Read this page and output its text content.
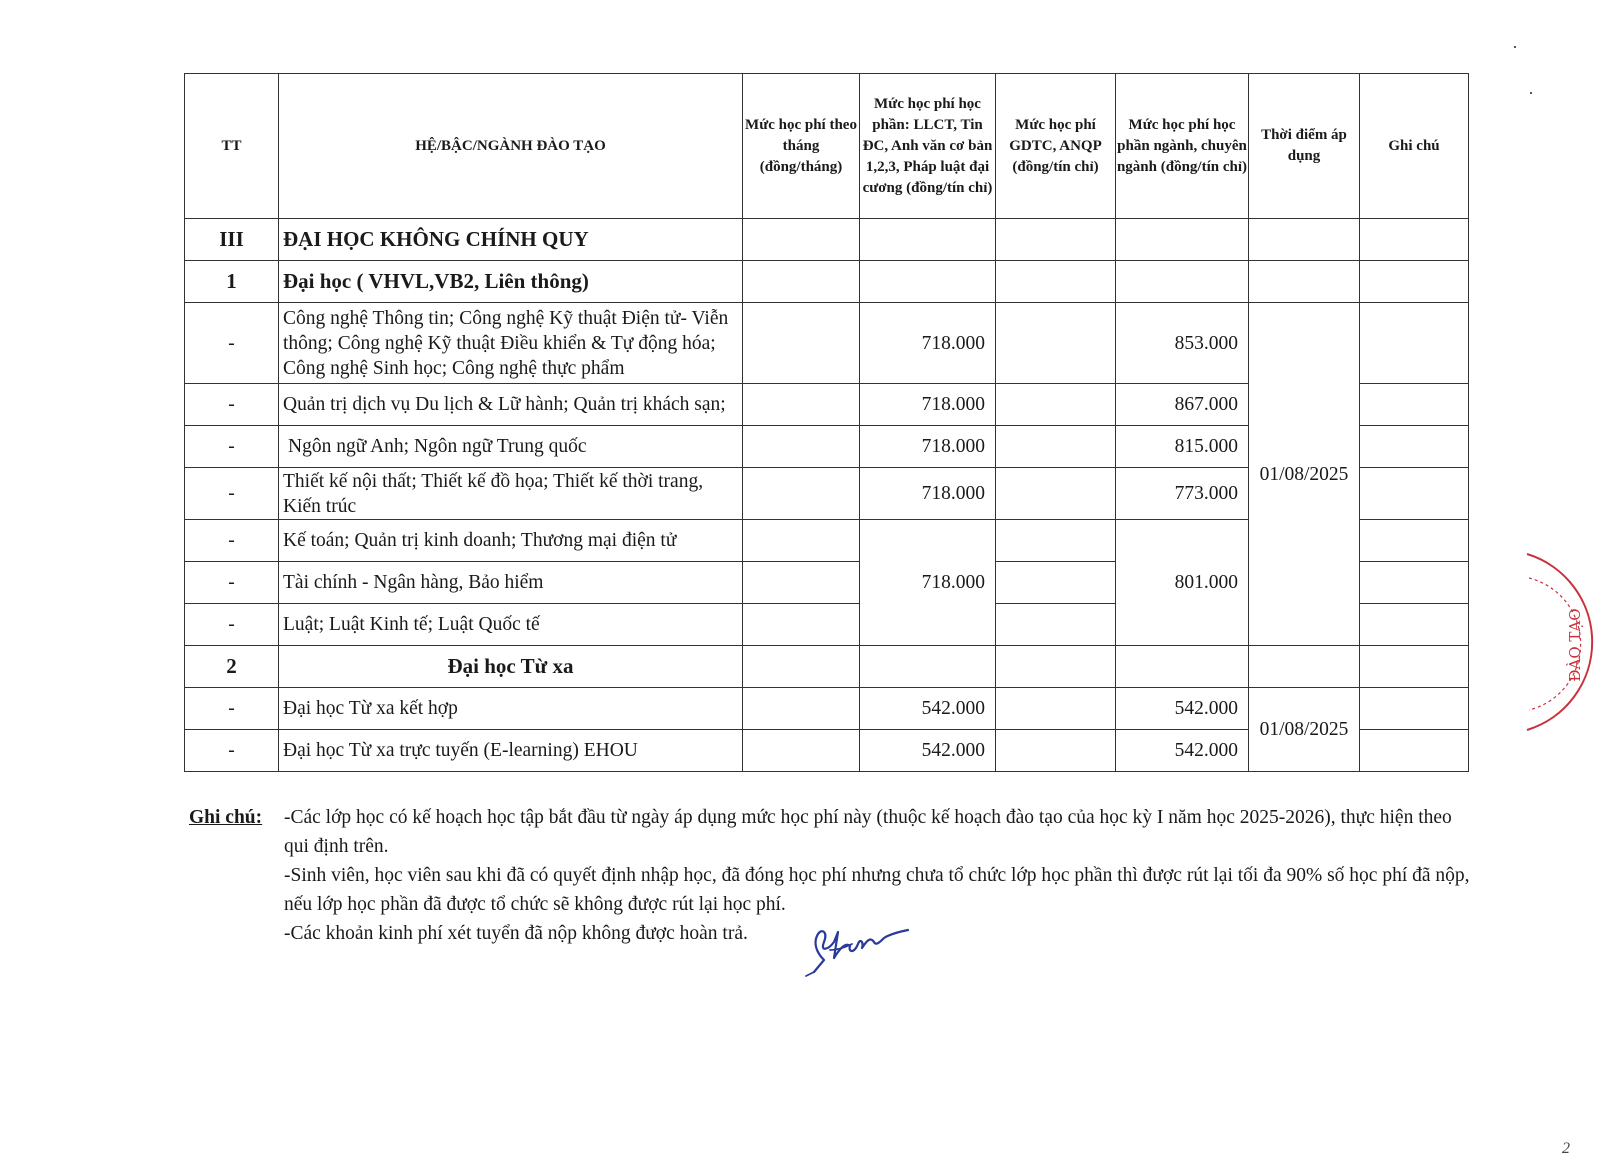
TT	HỆ/BẬC/NGÀNH ĐÀO TẠO	Mức học phí theo tháng (đồng/tháng)	Mức học phí học phần: LLCT, Tin ĐC, Anh văn cơ bản 1,2,3, Pháp luật đại cương (đồng/tín chỉ)	Mức học phí GDTC, ANQP (đồng/tín chỉ)	Mức học phí học phần ngành, chuyên ngành (đồng/tín chỉ)	Thời điểm áp dụng	Ghi chú
III	ĐẠI HỌC KHÔNG CHÍNH QUY						
1	Đại học ( VHVL,VB2, Liên thông)						
-	Công nghệ Thông tin; Công nghệ Kỹ thuật Điện tử- Viễn thông; Công nghệ Kỹ thuật Điều khiển & Tự động hóa; Công nghệ Sinh học; Công nghệ thực phẩm		718.000		853.000	01/08/2025	
-	Quản trị dịch vụ Du lịch & Lữ hành; Quản trị khách sạn;		718.000		867.000		
-	Ngôn ngữ Anh; Ngôn ngữ Trung quốc		718.000		815.000		
-	Thiết kế nội thất; Thiết kế đồ họa; Thiết kế thời trang, Kiến trúc		718.000		773.000		
-	Kế toán; Quản trị kinh doanh; Thương mại điện tử		718.000		801.000		
-	Tài chính - Ngân hàng, Bảo hiểm						
-	Luật; Luật Kinh tế; Luật Quốc tế						
2	Đại học Từ xa						
-	Đại học Từ xa kết hợp		542.000		542.000	01/08/2025	
-	Đại học Từ xa trực tuyến (E-learning) EHOU		542.000		542.000		
Ghi chú:	-Các lớp học có kế hoạch học tập bắt đầu từ ngày áp dụng mức học phí này (thuộc kế hoạch đào tạo của học kỳ I năm học 2025-2026), thực hiện theo qui định trên.

-Sinh viên, học viên sau khi đã có quyết định nhập học, đã đóng học phí nhưng chưa tổ chức lớp học phần thì được rút lại tối đa 90% số học phí đã nộp, nếu lớp học phần đã được tổ chức sẽ không được rút lại học phí.

-Các khoản kinh phí xét tuyển đã nộp không được hoàn trả.

ĐÀO TẠO
2
